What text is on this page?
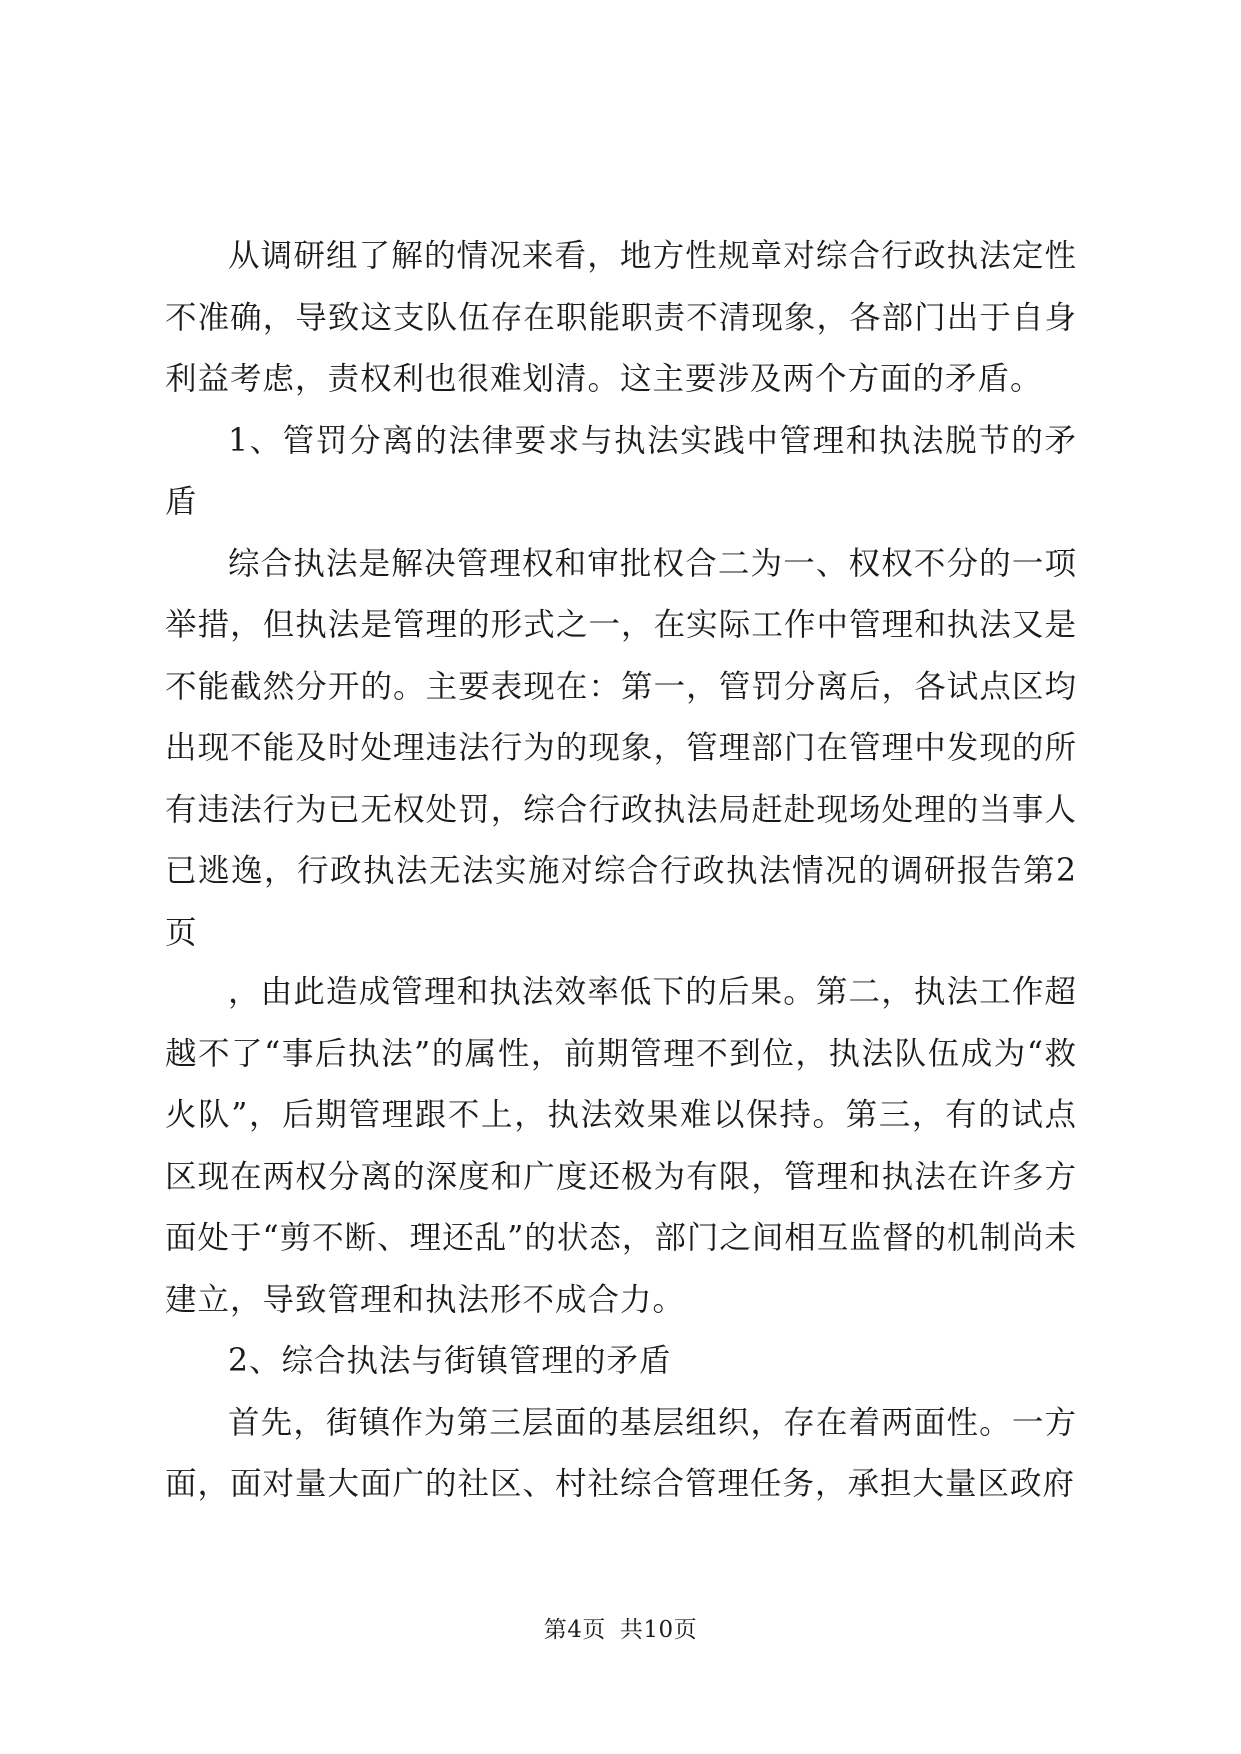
从调研组了解的情况来看，地方性规章对综合行政执法定性不准确，导致这支队伍存在职能职责不清现象，各部门出于自身利益考虑，责权利也很难划清。这主要涉及两个方面的矛盾。

1、管罚分离的法律要求与执法实践中管理和执法脱节的矛盾

综合执法是解决管理权和审批权合二为一、权权不分的一项举措，但执法是管理的形式之一，在实际工作中管理和执法又是不能截然分开的。主要表现在：第一，管罚分离后，各试点区均出现不能及时处理违法行为的现象，管理部门在管理中发现的所有违法行为已无权处罚，综合行政执法局赶赴现场处理的当事人已逃逸，行政执法无法实施对综合行政执法情况的调研报告第2页

，由此造成管理和执法效率低下的后果。第二，执法工作超越不了“事后执法”的属性，前期管理不到位，执法队伍成为“救火队”，后期管理跟不上，执法效果难以保持。第三，有的试点区现在两权分离的深度和广度还极为有限，管理和执法在许多方面处于“剪不断、理还乱”的状态，部门之间相互监督的机制尚未建立，导致管理和执法形不成合力。

2、综合执法与街镇管理的矛盾

首先，街镇作为第三层面的基层组织，存在着两面性。一方面，面对量大面广的社区、村社综合管理任务，承担大量区政府

第4页 共10页
